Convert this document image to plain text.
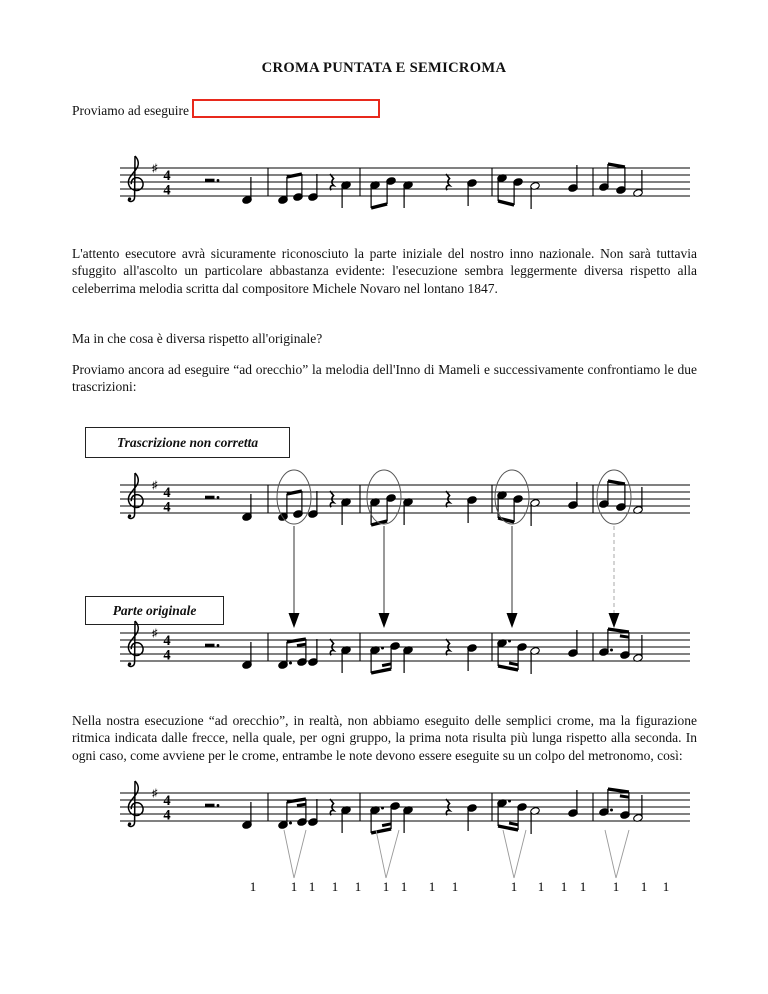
CROMA PUNTATA E SEMICROMA
Proviamo ad eseguire
♯ 4
4

L'attento esecutore avrà sicuramente riconosciuto la parte iniziale del nostro inno nazionale. Non sarà tuttavia sfuggito all'ascolto un particolare abbastanza evidente: l'esecuzione sembra leggermente diversa rispetto alla celeberrima melodia scritta dal compositore Michele Novaro nel lontano 1847.

Ma in che cosa è diversa rispetto all'originale?

Proviamo ancora ad eseguire “ad orecchio” la melodia dell'Inno di Mameli e successivamente confrontiamo le due trascrizioni:

Trascrizione non corretta
♯ 4
4
Parte originale
♯ 4
4

Nella nostra esecuzione “ad orecchio”, in realtà, non abbiamo eseguito delle semplici crome, ma la figurazione ritmica indicata dalle frecce, nella quale, per ogni gruppo, la prima nota risulta più lunga rispetto alla seconda. In ogni caso, come avviene per le crome, entrambe le note devono essere eseguite su un colpo del metronomo, così:

♯ 4
4
1	1 1 1 1 1 1 1 1	1 1 1 1 1 1 1
